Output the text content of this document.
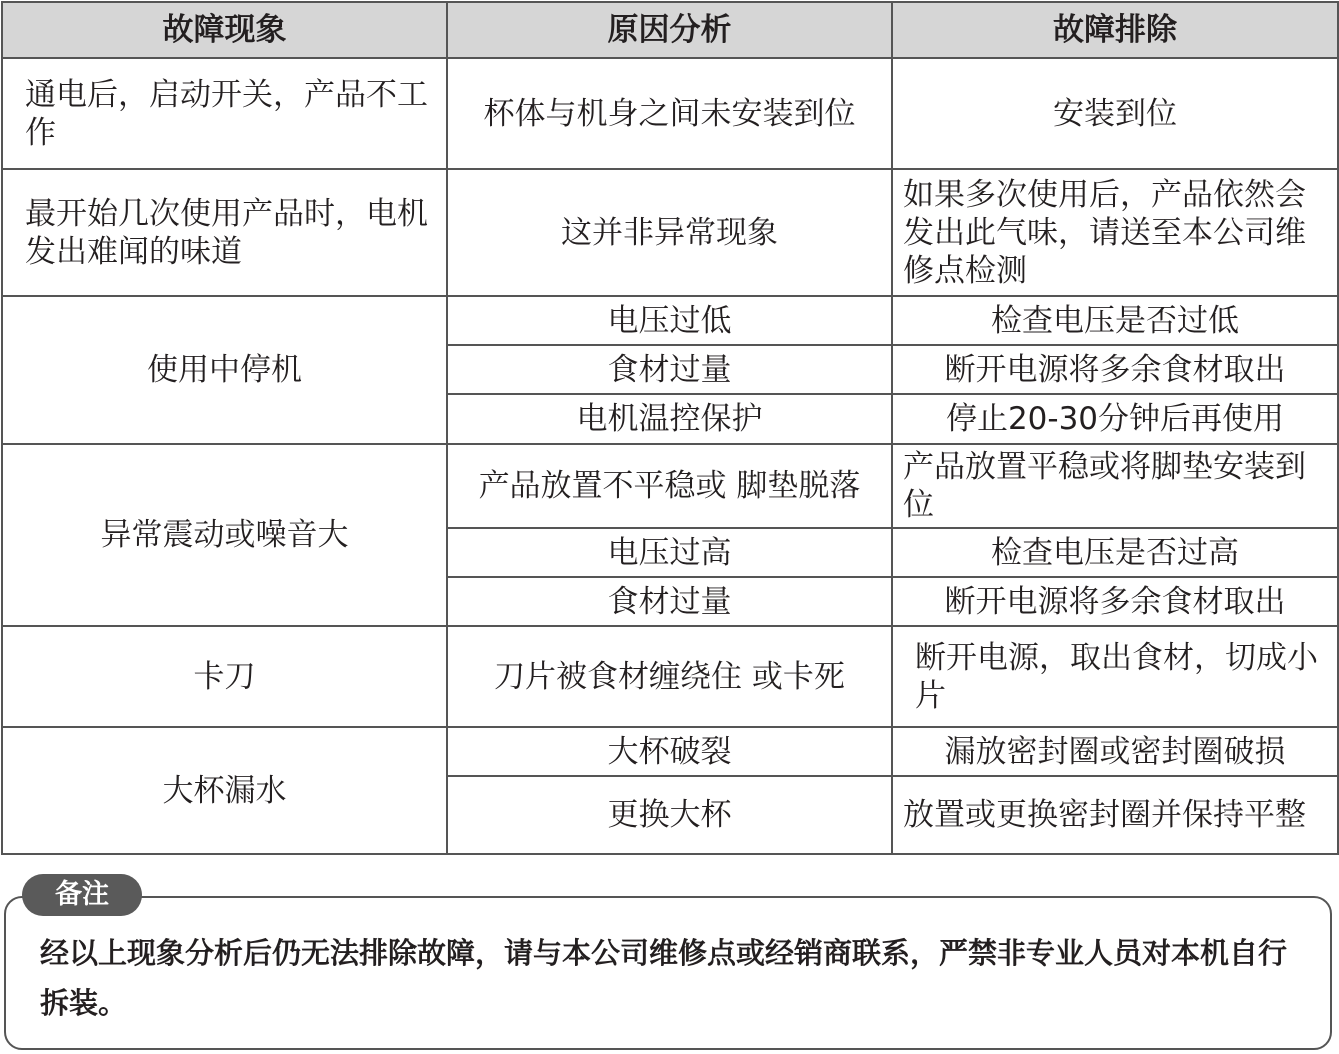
故障现象	原因分析	故障排除
通电后，启动开关，产品不工作	杯体与机身之间未安装到位	安装到位
最开始几次使用产品时，电机发出难闻的味道	这并非异常现象	如果多次使用后，产品依然会发出此气味，请送至本公司维修点检测
使用中停机	电压过低	检查电压是否过低
	食材过量	断开电源将多余食材取出
	电机温控保护	停止20-30分钟后再使用
异常震动或噪音大	产品放置不平稳或 脚垫脱落	产品放置平稳或将脚垫安装到位
	电压过高	检查电压是否过高
	食材过量	断开电源将多余食材取出
卡刀	刀片被食材缠绕住 或卡死	断开电源，取出食材，切成小片
大杯漏水	大杯破裂	漏放密封圈或密封圈破损
	更换大杯	放置或更换密封圈并保持平整
备注
经以上现象分析后仍无法排除故障，请与本公司维修点或经销商联系，严禁非专业人员对本机自行拆装。
